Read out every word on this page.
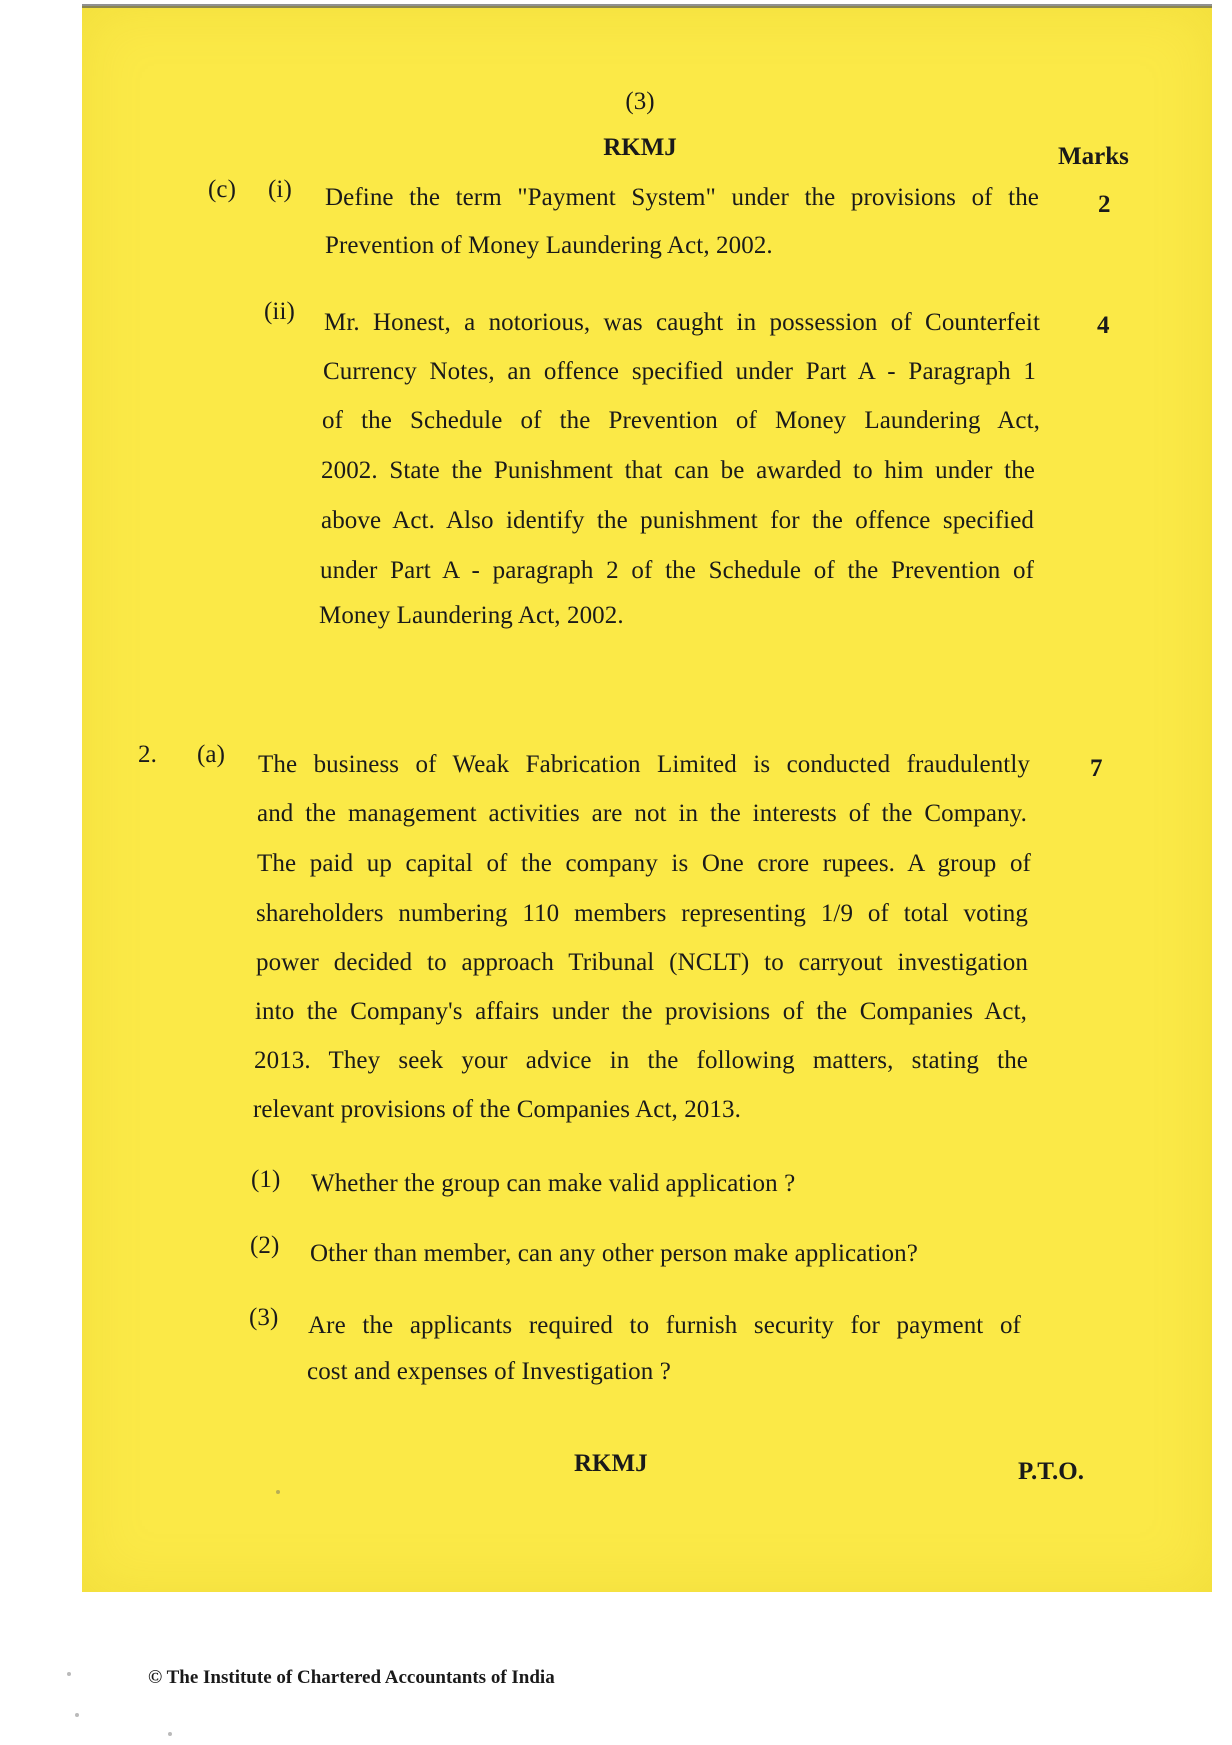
(3)
RKMJ	Marks
(c) (i) Define the term "Payment System" under the provisions of the
Prevention of Money Laundering Act, 2002.
2
(ii) Mr. Honest, a notorious, was caught in possession of Counterfeit
Currency Notes, an offence specified under Part A - Paragraph 1
of the Schedule of the Prevention of Money Laundering Act,
2002. State the Punishment that can be awarded to him under the
above Act. Also identify the punishment for the offence specified
under Part A - paragraph 2 of the Schedule of the Prevention of
Money Laundering Act, 2002.
4
2. (a) The business of Weak Fabrication Limited is conducted fraudulently
and the management activities are not in the interests of the Company.
The paid up capital of the company is One crore rupees. A group of
shareholders numbering 110 members representing 1/9 of total voting
power decided to approach Tribunal (NCLT) to carryout investigation
into the Company's affairs under the provisions of the Companies Act,
2013. They seek your advice in the following matters, stating the
relevant provisions of the Companies Act, 2013.
7
(1) Whether the group can make valid application ?
(2) Other than member, can any other person make application?
(3) Are the applicants required to furnish security for payment of
cost and expenses of Investigation ?
RKMJ	P.T.O.
© The Institute of Chartered Accountants of India
